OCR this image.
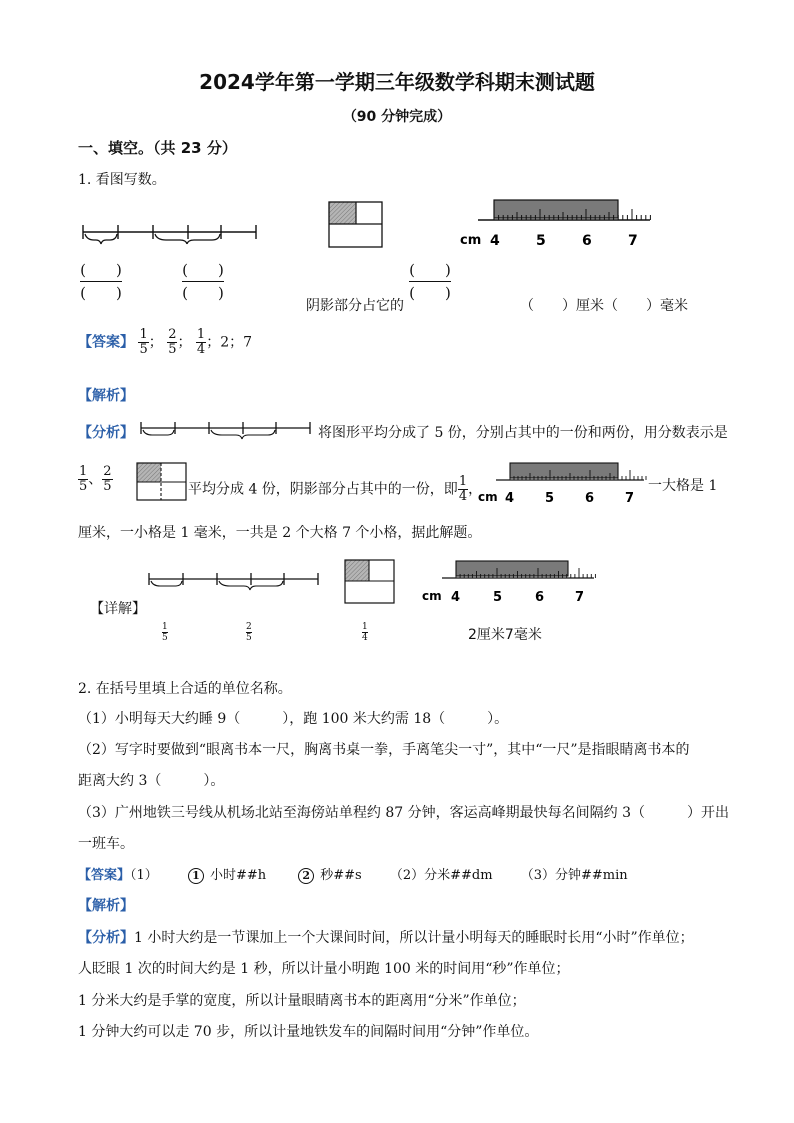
2024学年第一学期三年级数学科期末测试题
（90 分钟完成）
一、填空。（共 23 分）
1. 看图写数。
(　　 )
(　　 )
(　　 )
(　　 )
阴影部分占它的
(　　 )
(　　 )
cm 4	5	6	7
（　　）厘米（　　）毫米
【答案】 $\frac{1}{5}$ ； $\frac{2}{5}$ ； $\frac{1}{4}$ ；2；7
【解析】
【分析】	将图形平均分成了 5 份，分别占其中的一份和两份，用分数表示是
$\frac{1}{5}$ 、 $\frac{2}{5}$	平均分成 4 份，阴影部分占其中的一份，即 $\frac{1}{4}$ ，
cm 4 5 6 7
一大格是 1
厘米，一小格是 1 毫米，一共是 2 个大格 7 个小格，据此解题。
cm 4	5	6 7
【详解】
1
5
2
5
1
4	2厘米7毫米
2. 在括号里填上合适的单位名称。
（1）小明每天大约睡 9（　　　），跑 100 米大约需 18（　　　）。
（2）写字时要做到“眼离书本一尺，胸离书桌一拳，手离笔尖一寸”，其中“一尺”是指眼睛离书本的
距离大约 3（　　　）。
（3）广州地铁三号线从机场北站至海傍站单程约 87 分钟，客运高峰期最快每名间隔约 3（　　　）开出
一班车。
【答案】（1）	1 小时##h	2 秒##s （2）分米##dm （3）分钟##min
【解析】
【分析】1 小时大约是一节课加上一个大课间时间，所以计量小明每天的睡眠时长用“小时”作单位；
人眨眼 1 次的时间大约是 1 秒，所以计量小明跑 100 米的时间用“秒”作单位；
1 分米大约是手掌的宽度，所以计量眼睛离书本的距离用“分米”作单位；
1 分钟大约可以走 70 步，所以计量地铁发车的间隔时间用“分钟”作单位。
